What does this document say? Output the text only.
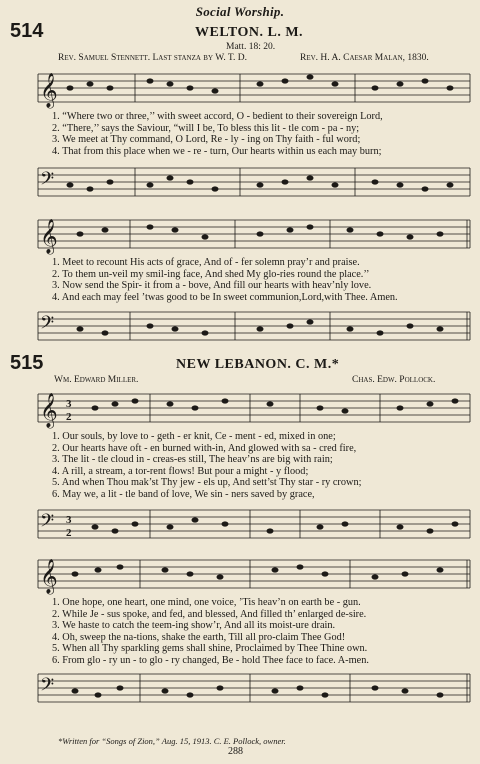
Social Worship.
514	WELTON. L. M.
Matt. 18: 20.
Rev. Samuel Stennett. Last stanza by W. T. D.	Rev. H. A. Caesar Malan, 1830.
𝄞
1. “Where two or three,’’ with sweet accord, O - bedient to their sovereign Lord,
2. “There,’’ says the Saviour, “will I be, To bless this lit - tle com - pa - ny;
3. We meet at Thy command, O Lord, Re - ly - ing on Thy faith - ful word;
4. That from this place when we - re - turn, Our hearts within us each may burn;
𝄢
𝄞
1. Meet to recount His acts of grace, And of - fer solemn pray’r and praise.
2. To them un-veil my smil-ing face, And shed My glo-ries round the place.’’
3. Now send the Spir- it from a - bove, And fill our hearts with heav’nly love.
4. And each may feel ’twas good to be In sweet communion,Lord,with Thee. Amen.
𝄢
515	NEW LEBANON. C. M.*
Wm. Edward Miller.	Chas. Edw. Pollock.
𝄞 3
2
1. Our souls, by love to - geth - er knit, Ce - ment - ed, mixed in one;
2. Our hearts have oft - en burned with-in, And glowed with sa - cred fire,
3. The lit - tle cloud in - creas-es still, The heav’ns are big with rain;
4. A rill, a stream, a tor-rent flows! But pour a might - y flood;
5. And when Thou mak’st Thy jew - els up, And sett’st Thy star - ry crown;
6. May we, a lit - tle band of love, We sin - ners saved by grace,
𝄢 3
2
𝄞
1. One hope, one heart, one mind, one voice, ’Tis heav’n on earth be - gun.
2. While Je - sus spoke, and fed, and blessed, And filled th’ enlarged de-sire.
3. We haste to catch the teem-ing show’r, And all its moist-ure drain.
4. Oh, sweep the na-tions, shake the earth, Till all pro-claim Thee God!
5. When all Thy sparkling gems shall shine, Proclaimed by Thee Thine own.
6. From glo - ry un - to glo - ry changed, Be - hold Thee face to face. A-men.
𝄢
*Written for “Songs of Zion,” Aug. 15, 1913. C. E. Pollock, owner.
288
